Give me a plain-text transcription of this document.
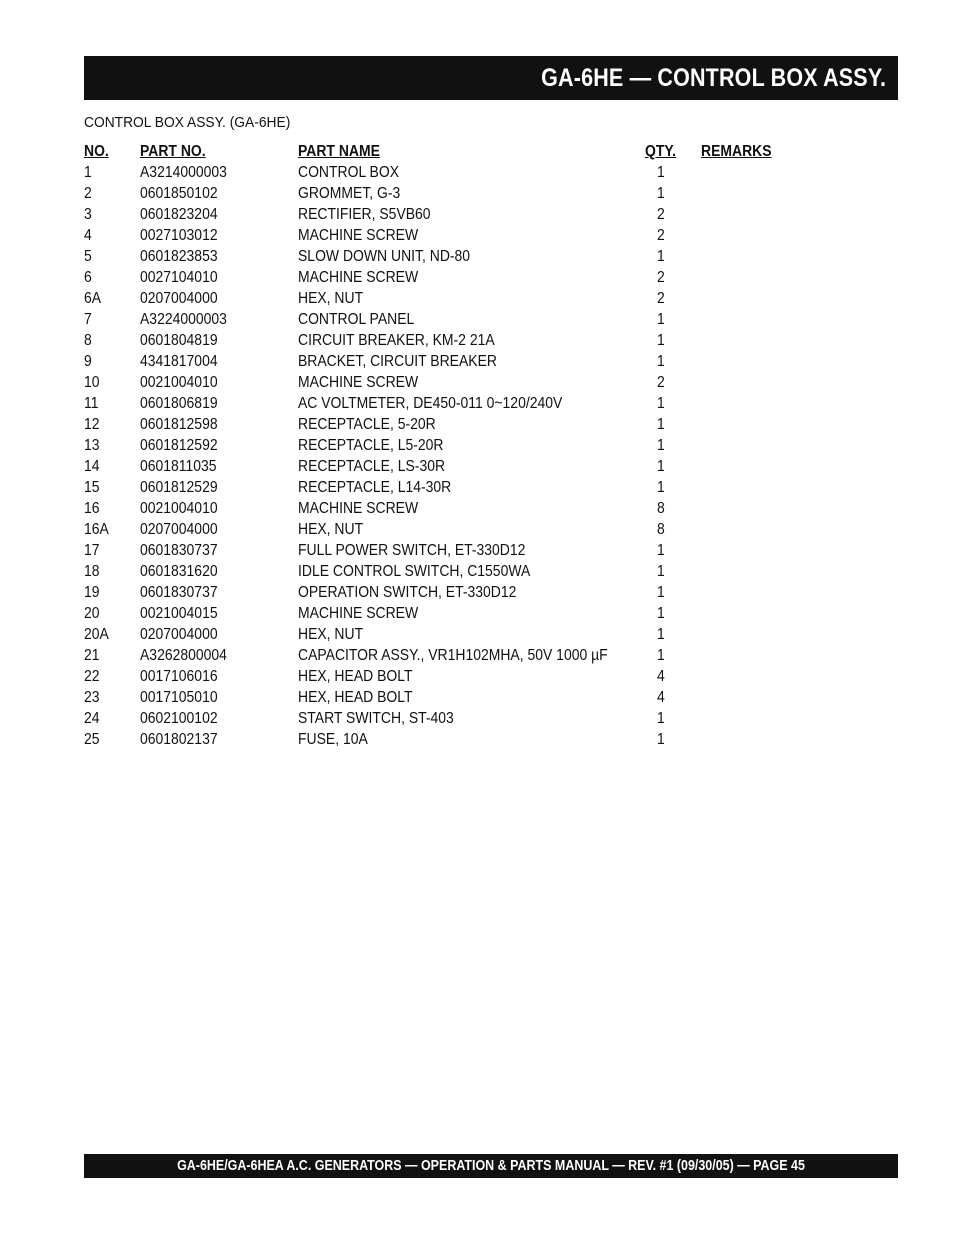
GA-6HE — CONTROL BOX ASSY.
CONTROL BOX ASSY. (GA-6HE)
NO. PART NO.	PART NAME	QTY. REMARKS
1	A3214000003	CONTROL BOX	1
2	0601850102	GROMMET, G-3	1
3	0601823204	RECTIFIER, S5VB60	2
4	0027103012	MACHINE SCREW	2
5	0601823853	SLOW DOWN UNIT, ND-80	1
6	0027104010	MACHINE SCREW	2
6A	0207004000	HEX, NUT	2
7	A3224000003	CONTROL PANEL	1
8	0601804819	CIRCUIT BREAKER, KM-2 21A	1
9	4341817004	BRACKET, CIRCUIT BREAKER	1
10	0021004010	MACHINE SCREW	2
11	0601806819	AC VOLTMETER, DE450-011 0~120/240V	1
12	0601812598	RECEPTACLE, 5-20R	1
13	0601812592	RECEPTACLE, L5-20R	1
14	0601811035	RECEPTACLE, LS-30R	1
15	0601812529	RECEPTACLE, L14-30R	1
16	0021004010	MACHINE SCREW	8
16A 0207004000	HEX, NUT	8
17	0601830737	FULL POWER SWITCH, ET-330D12	1
18	0601831620	IDLE CONTROL SWITCH, C1550WA	1
19	0601830737	OPERATION SWITCH, ET-330D12	1
20	0021004015	MACHINE SCREW	1
20A 0207004000	HEX, NUT	1
21	A3262800004	CAPACITOR ASSY., VR1H102MHA, 50V 1000 µF	1
22	0017106016	HEX, HEAD BOLT	4
23	0017105010	HEX, HEAD BOLT	4
24	0602100102	START SWITCH, ST-403	1
25	0601802137	FUSE, 10A	1
GA-6HE/GA-6HEA A.C. GENERATORS — OPERATION & PARTS MANUAL — REV. #1 (09/30/05) — PAGE 45
